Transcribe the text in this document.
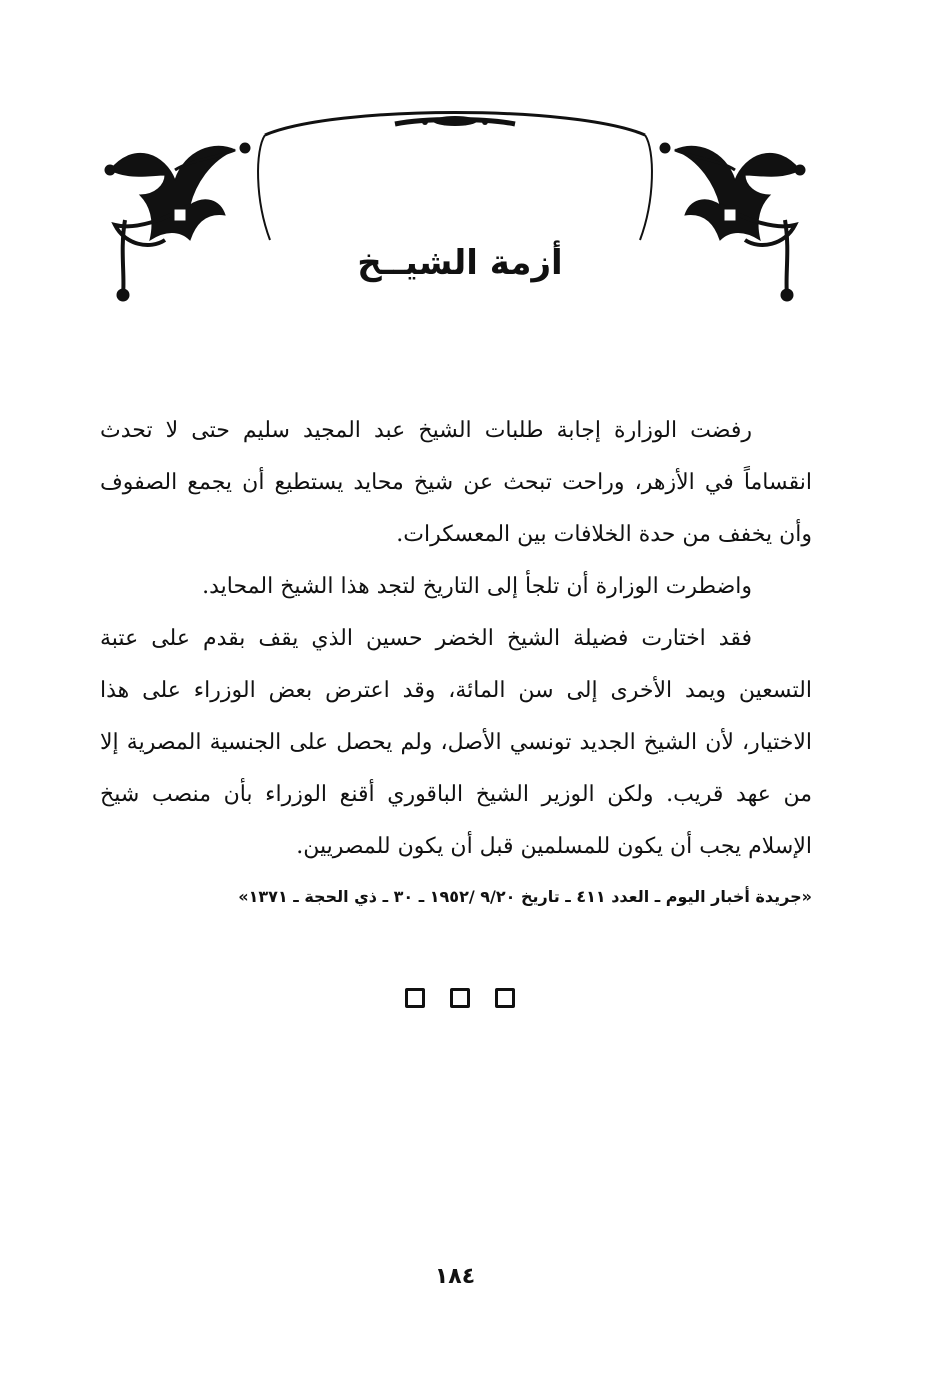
أزمة الشيــخ

رفضت الوزارة إجابة طلبات الشيخ عبد المجيد سليم حتى لا تحدث انقساماً في الأزهر، وراحت تبحث عن شيخ محايد يستطيع أن يجمع الصفوف وأن يخفف من حدة الخلافات بين المعسكرات.

واضطرت الوزارة أن تلجأ إلى التاريخ لتجد هذا الشيخ المحايد.

فقد اختارت فضيلة الشيخ الخضر حسين الذي يقف بقدم على عتبة التسعين ويمد الأخرى إلى سن المائة، وقد اعترض بعض الوزراء على هذا الاختيار، لأن الشيخ الجديد تونسي الأصل، ولم يحصل على الجنسية المصرية إلا من عهد قريب. ولكن الوزير الشيخ الباقوري أقنع الوزراء بأن منصب شيخ الإسلام يجب أن يكون للمسلمين قبل أن يكون للمصريين.

«جريدة أخبار اليوم ـ العدد ٤١١ ـ تاريخ ٩/٢٠ /١٩٥٢ ـ ٣٠ ـ ذي الحجة ـ ١٣٧١»
١٨٤
